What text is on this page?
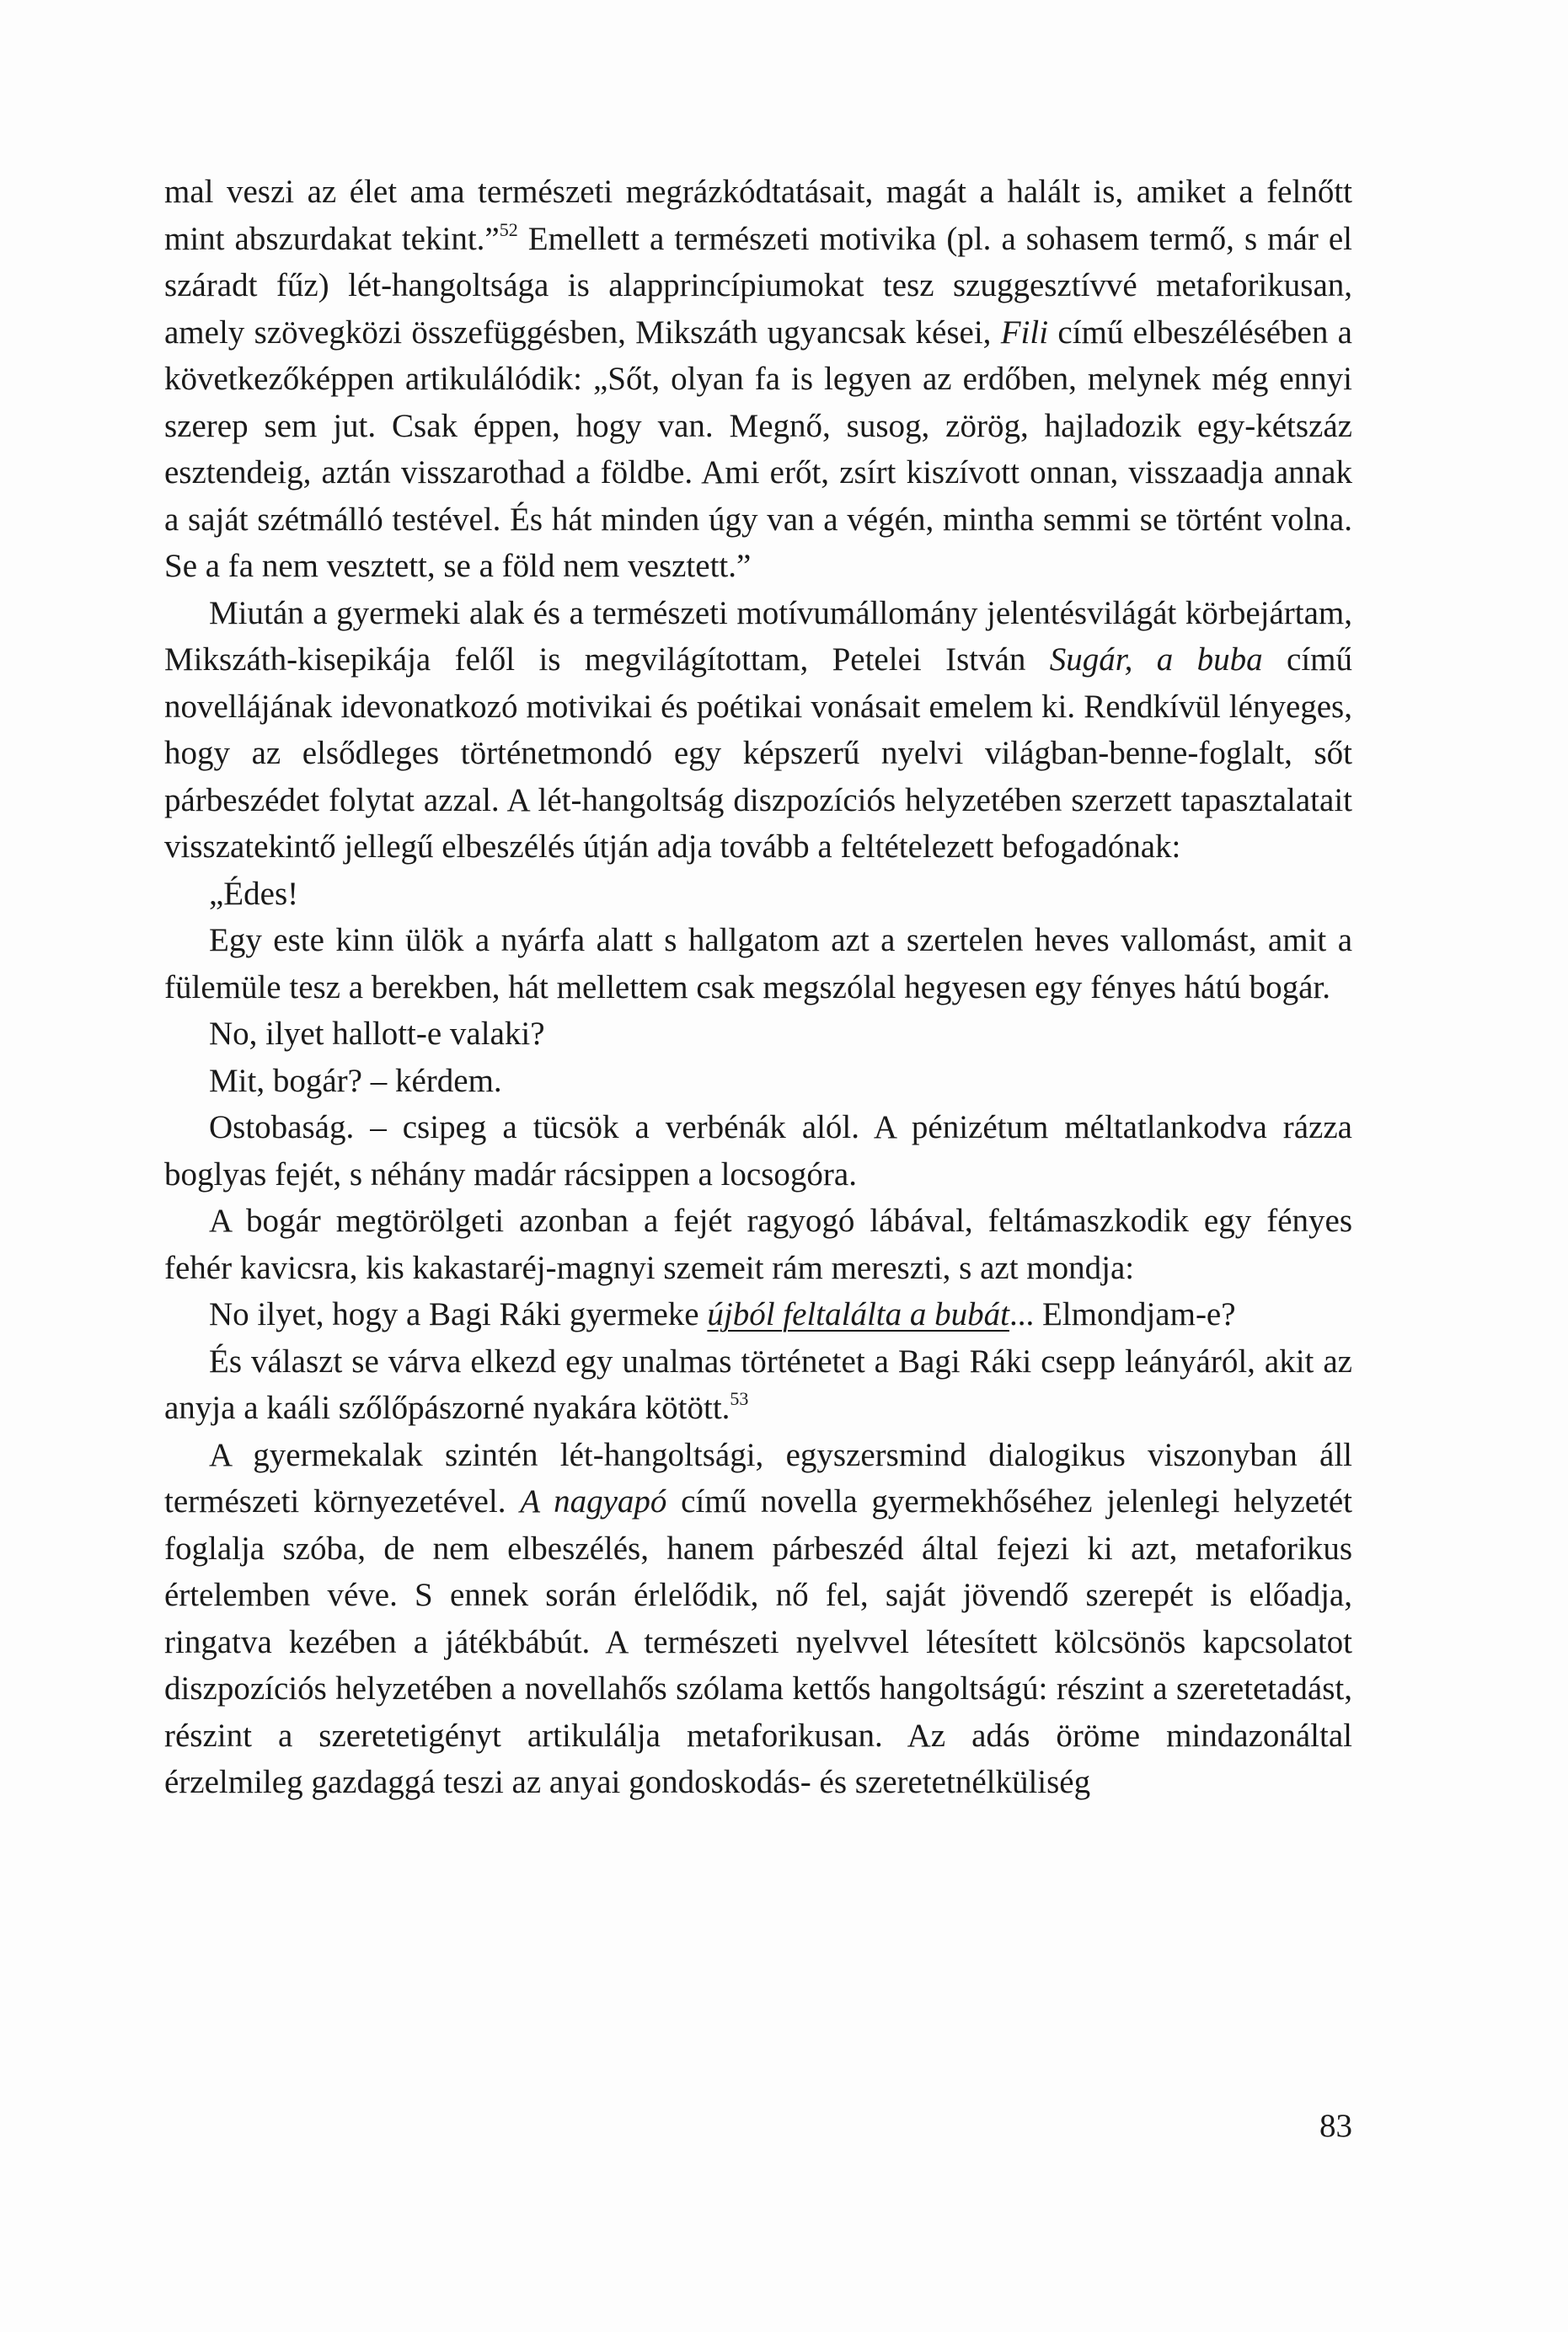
mal veszi az élet ama természeti megrázkódtatásait, magát a halált is, amiket a felnőtt mint abszurdakat tekint.”$^{52}$ Emellett a természeti motivika (pl. a sohasem termő, s már el száradt fűz) lét-hangoltsága is alapprincípiumokat tesz szuggesztívvé metaforikusan, amely szövegközi összefüggésben, Mikszáth ugyancsak kései, Fili című elbeszélésében a következőképpen artikulálódik: „Sőt, olyan fa is legyen az erdőben, melynek még ennyi szerep sem jut. Csak éppen, hogy van. Megnő, susog, zörög, hajladozik egy-kétszáz esztendeig, aztán visszarothad a földbe. Ami erőt, zsírt kiszívott onnan, visszaadja annak a saját szétmálló testével. És hát minden úgy van a végén, mintha semmi se történt volna. Se a fa nem vesztett, se a föld nem vesztett.”

Miután a gyermeki alak és a természeti motívumállomány jelentésvilágát körbejártam, Mikszáth-kisepikája felől is megvilágítottam, Petelei István Sugár, a buba című novellájának idevonatkozó motivikai és poétikai vonásait emelem ki. Rendkívül lényeges, hogy az elsődleges történetmondó egy képszerű nyelvi világban-benne-foglalt, sőt párbeszédet folytat azzal. A lét-hangoltság diszpozíciós helyzetében szerzett tapasztalatait visszatekintő jellegű elbeszélés útján adja tovább a feltételezett befogadónak:

„Édes!

Egy este kinn ülök a nyárfa alatt s hallgatom azt a szertelen heves vallomást, amit a fülemüle tesz a berekben, hát mellettem csak megszólal hegyesen egy fényes hátú bogár.

No, ilyet hallott-e valaki?

Mit, bogár? – kérdem.

Ostobaság. – csipeg a tücsök a verbénák alól. A pénizétum méltatlankodva rázza boglyas fejét, s néhány madár rácsippen a locsogóra.

A bogár megtörölgeti azonban a fejét ragyogó lábával, feltámaszkodik egy fényes fehér kavicsra, kis kakastaréj-magnyi szemeit rám mereszti, s azt mondja:

No ilyet, hogy a Bagi Ráki gyermeke újból feltalálta a bubát... Elmondjam-e?

És választ se várva elkezd egy unalmas történetet a Bagi Ráki csepp leányáról, akit az anyja a kaáli szőlőpászorné nyakára kötött.$^{53}$

A gyermekalak szintén lét-hangoltsági, egyszersmind dialogikus viszonyban áll természeti környezetével. A nagyapó című novella gyermekhőséhez jelenlegi helyzetét foglalja szóba, de nem elbeszélés, hanem párbeszéd által fejezi ki azt, metaforikus értelemben véve. S ennek során érlelődik, nő fel, saját jövendő szerepét is előadja, ringatva kezében a játékbábút. A természeti nyelvvel létesített kölcsönös kapcsolatot diszpozíciós helyzetében a novellahős szólama kettős hangoltságú: részint a szeretetadást, részint a szeretetigényt artikulálja metaforikusan. Az adás öröme mindazonáltal érzelmileg gazdaggá teszi az anyai gondoskodás- és szeretetnélküliség

83
